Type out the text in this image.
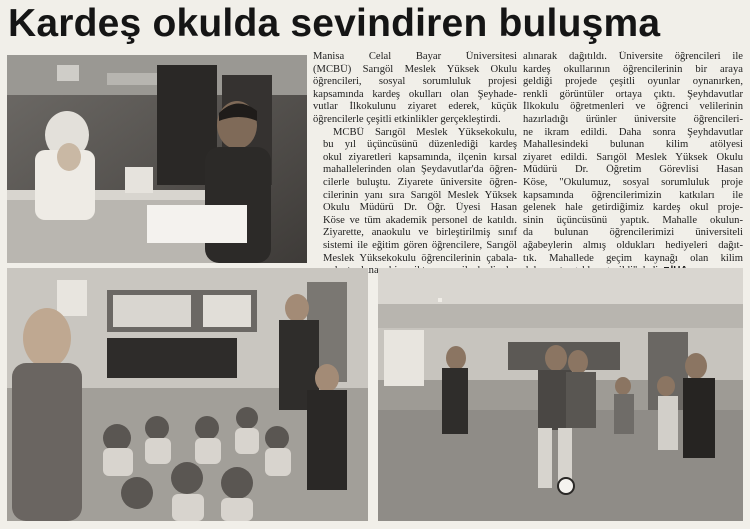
Kardeş okulda sevindiren buluşma

Manisa Celal Bayar Üniversitesi
(MCBÜ) Sarıgöl Meslek Yüksek Okulu
öğrencileri, sosyal sorumluluk projesi
kapsamında kardeş okulları olan Şeyhade-
vutlar İlkokulunu ziyaret ederek, küçük
öğrencilerle çeşitli etkinlikler gerçekleştirdi.

MCBÜ Sarıgöl Meslek Yüksekokulu,
bu yıl üçüncüsünü düzenlediği kardeş
okul ziyaretleri kapsamında, ilçenin kırsal
mahallelerinden olan Şeydavutlar'da öğren-
cilerle buluştu. Ziyarete üniversite öğren-
cilerinin yanı sıra Sarıgöl Meslek Yüksek
Okulu Müdürü Dr. Öğr. Üyesi Hasan
Köse ve tüm akademik personel de katıldı.
Ziyarette, anaokulu ve birleştirilmiş sınıf
sistemi ile eğitim gören öğrencilere, Sarıgöl
Meslek Yüksekokulu öğrencilerinin çabala-

alınarak dağıtıldı. Üniversite öğrencileri ile
kardeş okullarının öğrencilerinin bir araya
geldiği projede çeşitli oyunlar oynanırken,
renkli görüntüler ortaya çıktı. Şeyhdavutlar
İlkokulu öğretmenleri ve öğrenci velilerinin
hazırladığı ürünler üniversite öğrencileri-
ne ikram edildi. Daha sonra Şeyhdavutlar
Mahallesindeki bulunan kilim atölyesi
ziyaret edildi. Sarıgöl Meslek Yüksek Okulu
Müdürü Dr. Öğretim Görevlisi Hasan
Köse, "Okulumuz, sosyal sorumluluk proje
kapsamında öğrencilerimizin katkıları ile
gelenek hale getirdiğimiz kardeş okul proje-
sinin üçüncüsünü yaptık. Mahalle okulun-
da bulunan öğrencilerimizi üniversiteli
ağabeylerin almış oldukları hediyeleri dağıt-
tık. Mahallede geçim kaynağı olan kilim
